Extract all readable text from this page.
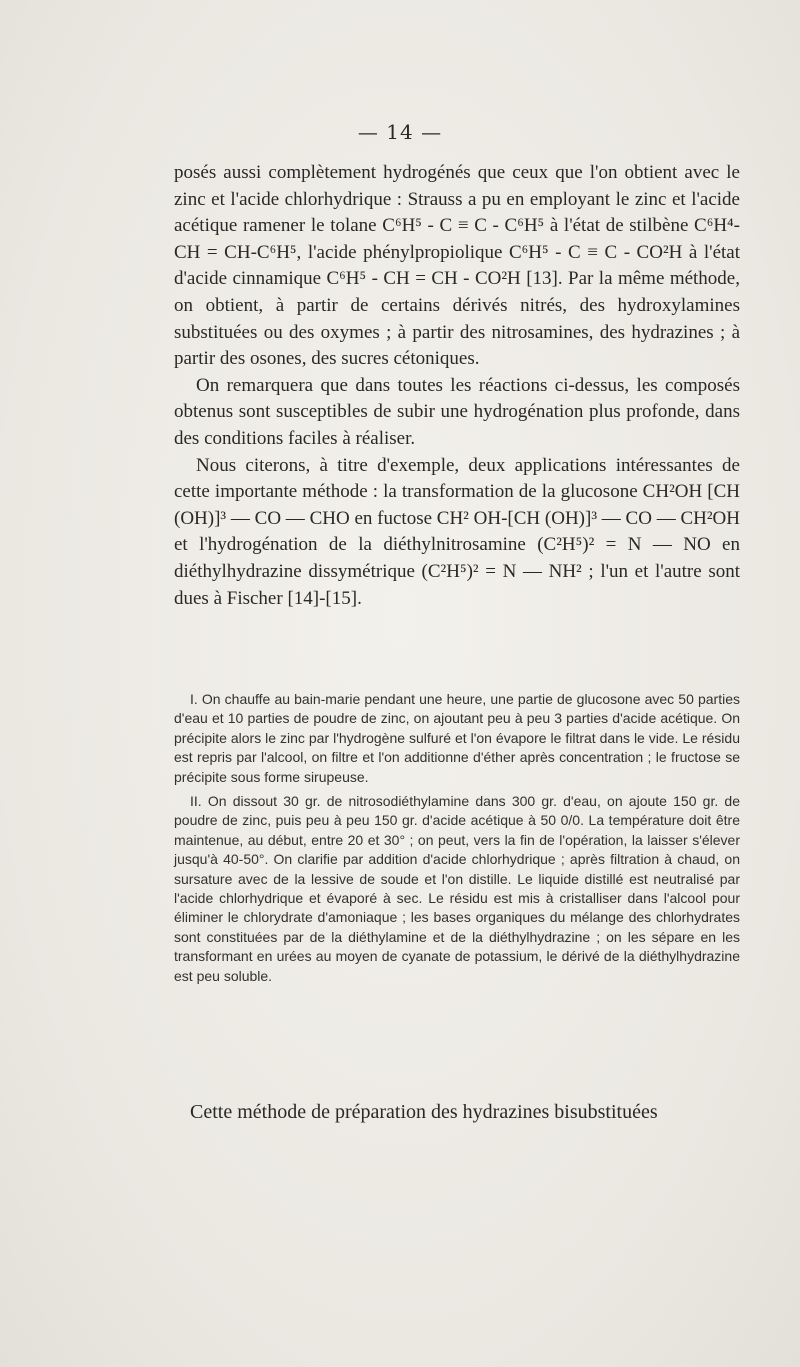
— 14 —

posés aussi complètement hydrogénés que ceux que l'on obtient avec le zinc et l'acide chlorhydrique : Strauss a pu en employant le zinc et l'acide acétique ramener le tolane C⁶H⁵ - C ≡ C - C⁶H⁵ à l'état de stilbène C⁶H⁴-CH = CH-C⁶H⁵, l'acide phénylpropiolique C⁶H⁵ - C ≡ C - CO²H à l'état d'acide cinnamique C⁶H⁵ - CH = CH - CO²H [13]. Par la même méthode, on obtient, à partir de certains dérivés nitrés, des hydroxylamines substituées ou des oxymes ; à partir des nitrosamines, des hydrazines ; à partir des osones, des sucres cétoniques.

On remarquera que dans toutes les réactions ci-dessus, les composés obtenus sont susceptibles de subir une hydrogénation plus profonde, dans des conditions faciles à réaliser.

Nous citerons, à titre d'exemple, deux applications intéressantes de cette importante méthode : la transformation de la glucosone CH²OH [CH (OH)]³ — CO — CHO en fuctose CH² OH-[CH (OH)]³ — CO — CH²OH et l'hydrogénation de la diéthylnitrosamine (C²H⁵)² = N — NO en diéthylhydrazine dissymétrique (C²H⁵)² = N — NH² ; l'un et l'autre sont dues à Fischer [14]-[15].

I. On chauffe au bain-marie pendant une heure, une partie de glucosone avec 50 parties d'eau et 10 parties de poudre de zinc, on ajoutant peu à peu 3 parties d'acide acétique. On précipite alors le zinc par l'hydrogène sulfuré et l'on évapore le filtrat dans le vide. Le résidu est repris par l'alcool, on filtre et l'on additionne d'éther après concentration ; le fructose se précipite sous forme sirupeuse.

II. On dissout 30 gr. de nitrosodiéthylamine dans 300 gr. d'eau, on ajoute 150 gr. de poudre de zinc, puis peu à peu 150 gr. d'acide acétique à 50 0/0. La température doit être maintenue, au début, entre 20 et 30° ; on peut, vers la fin de l'opération, la laisser s'élever jusqu'à 40-50°. On clarifie par addition d'acide chlorhydrique ; après filtration à chaud, on sursature avec de la lessive de soude et l'on distille. Le liquide distillé est neutralisé par l'acide chlorhydrique et évaporé à sec. Le résidu est mis à cristalliser dans l'alcool pour éliminer le chlorydrate d'amoniaque ; les bases organiques du mélange des chlorhydrates sont constituées par de la diéthylamine et de la diéthylhydrazine ; on les sépare en les transformant en urées au moyen de cyanate de potassium, le dérivé de la diéthylhydrazine est peu soluble.

Cette méthode de préparation des hydrazines bisubstituées
